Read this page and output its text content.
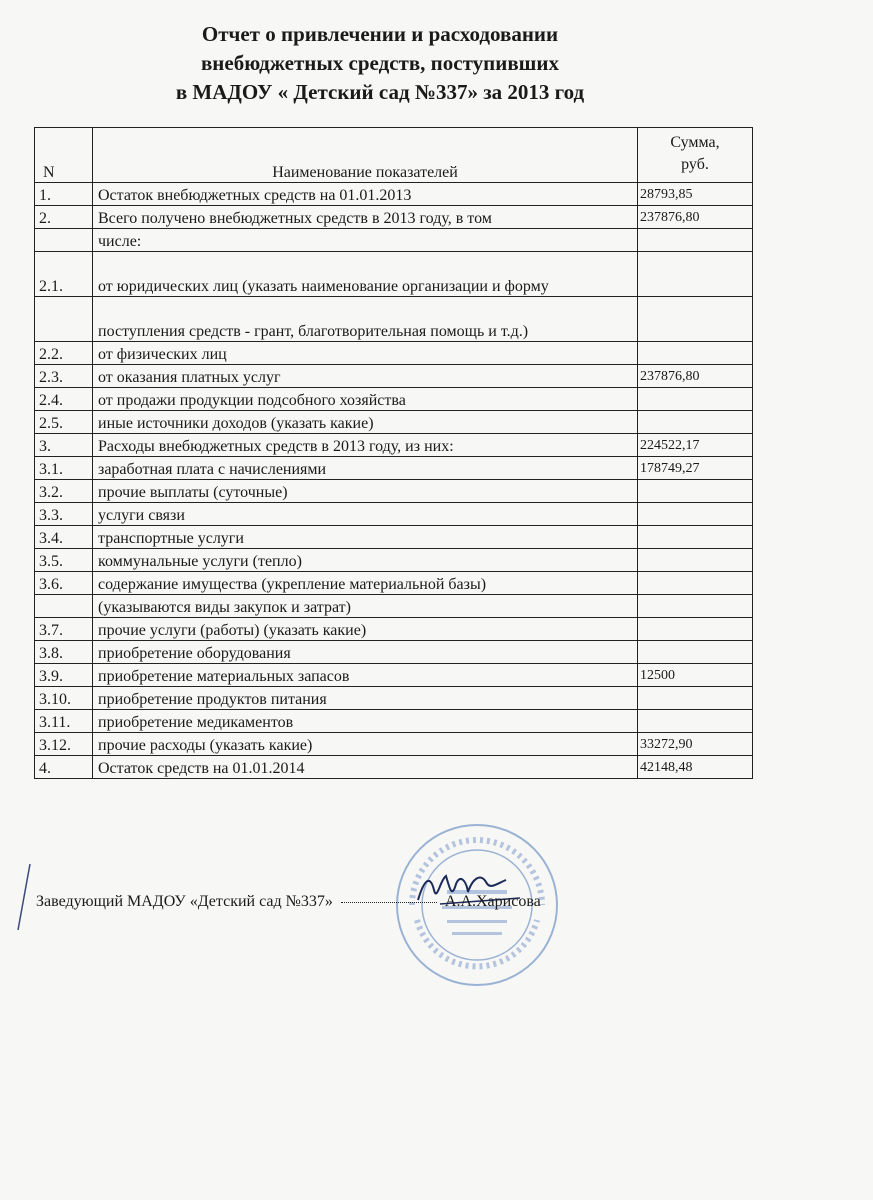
Отчет о привлечении и расходовании
внебюджетных средств, поступивших
в МАДОУ « Детский сад №337» за 2013 год
N	Наименование показателей	Сумма,
руб.

1.	Остаток внебюджетных средств на 01.01.2013	28793,85
2.	Всего получено внебюджетных средств в 2013 году, в том	237876,80
	числе:	
2.1.	от юридических лиц (указать наименование организации и форму	
	поступления средств - грант, благотворительная помощь и т.д.)	
2.2.	от физических лиц	
2.3.	от оказания платных услуг	237876,80
2.4.	от продажи продукции подсобного хозяйства	
2.5.	иные источники доходов (указать какие)	
3.	Расходы внебюджетных средств в 2013 году, из них:	224522,17
3.1.	заработная плата с начислениями	178749,27
3.2.	прочие выплаты (суточные)	
3.3.	услуги связи	
3.4.	транспортные услуги	
3.5.	коммунальные услуги (тепло)	
3.6.	содержание имущества (укрепление материальной базы)	
	(указываются виды закупок и затрат)	
3.7.	прочие услуги (работы) (указать какие)	
3.8.	приобретение оборудования	
3.9.	приобретение материальных запасов	12500
3.10.	приобретение продуктов питания	
3.11.	приобретение медикаментов	
3.12.	прочие расходы (указать какие)	33272,90
4.	Остаток средств на 01.01.2014	42148,48
Заведующий МАДОУ «Детский сад №337»	А.А.Харисова
